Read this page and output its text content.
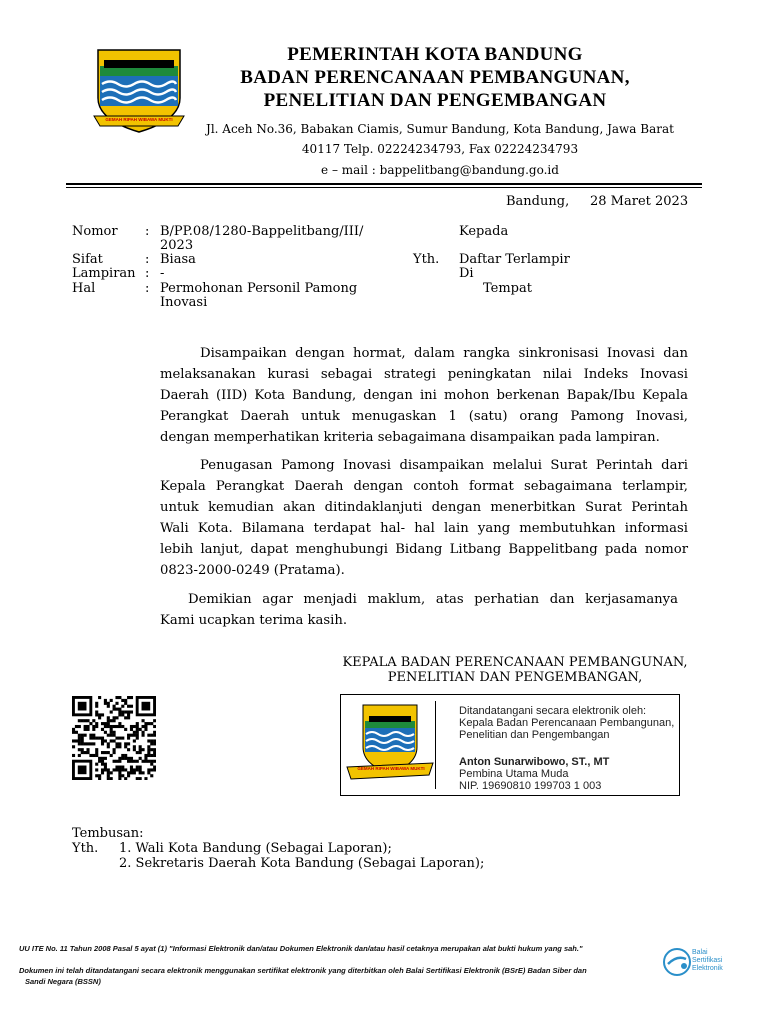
GEMAH RIPAH WIBAWA MUKTI
PEMERINTAH KOTA BANDUNG
BADAN PERENCANAAN PEMBANGUNAN,
PENELITIAN DAN PENGEMBANGAN
Jl. Aceh No.36, Babakan Ciamis, Sumur Bandung, Kota Bandung, Jawa Barat
40117 Telp. 02224234793, Fax 02224234793
e – mail : bappelitbang@bandung.go.id
Bandung, 28 Maret 2023
Nomor : B/PP.08/1280-Bappelitbang/III/
2023
Sifat	: Biasa
Lampiran : -
Hal	: Permohonan Personil Pamong
Inovasi
Kepada
Yth. Daftar Terlampir
Di
Tempat
Disampaikan dengan hormat, dalam rangka sinkronisasi Inovasi dan
melaksanakan kurasi sebagai strategi peningkatan nilai Indeks Inovasi
Daerah (IID) Kota Bandung, dengan ini mohon berkenan Bapak/Ibu Kepala
Perangkat Daerah untuk menugaskan 1 (satu) orang Pamong Inovasi,
dengan memperhatikan kriteria sebagaimana disampaikan pada lampiran.
Penugasan Pamong Inovasi disampaikan melalui Surat Perintah dari
Kepala Perangkat Daerah dengan contoh format sebagaimana terlampir,
untuk kemudian akan ditindaklanjuti dengan menerbitkan Surat Perintah
Wali Kota. Bilamana terdapat hal- hal lain yang membutuhkan informasi
lebih lanjut, dapat menghubungi Bidang Litbang Bappelitbang pada nomor
0823-2000-0249 (Pratama).
Demikian agar menjadi maklum, atas perhatian dan kerjasamanya
Kami ucapkan terima kasih.
KEPALA BADAN PERENCANAAN PEMBANGUNAN,
PENELITIAN DAN PENGEMBANGAN,
GEMAH RIPAH WIBAWA MUKTI
Ditandatangani secara elektronik oleh:
Kepala Badan Perencanaan Pembangunan,
Penelitian dan Pengembangan
Anton Sunarwibowo, ST., MT
Pembina Utama Muda
NIP. 19690810 199703 1 003
Tembusan:
Yth. 1. Wali Kota Bandung (Sebagai Laporan);
2. Sekretaris Daerah Kota Bandung (Sebagai Laporan);
UU ITE No. 11 Tahun 2008 Pasal 5 ayat (1) "Informasi Elektronik dan/atau Dokumen Elektronik dan/atau hasil cetaknya merupakan alat bukti hukum yang sah."
Dokumen ini telah ditandatangani secara elektronik menggunakan sertifikat elektronik yang diterbitkan oleh Balai Sertifikasi Elektronik (BSrE) Badan Siber dan
Sandi Negara (BSSN)
Balai
Sertifikasi
Elektronik
